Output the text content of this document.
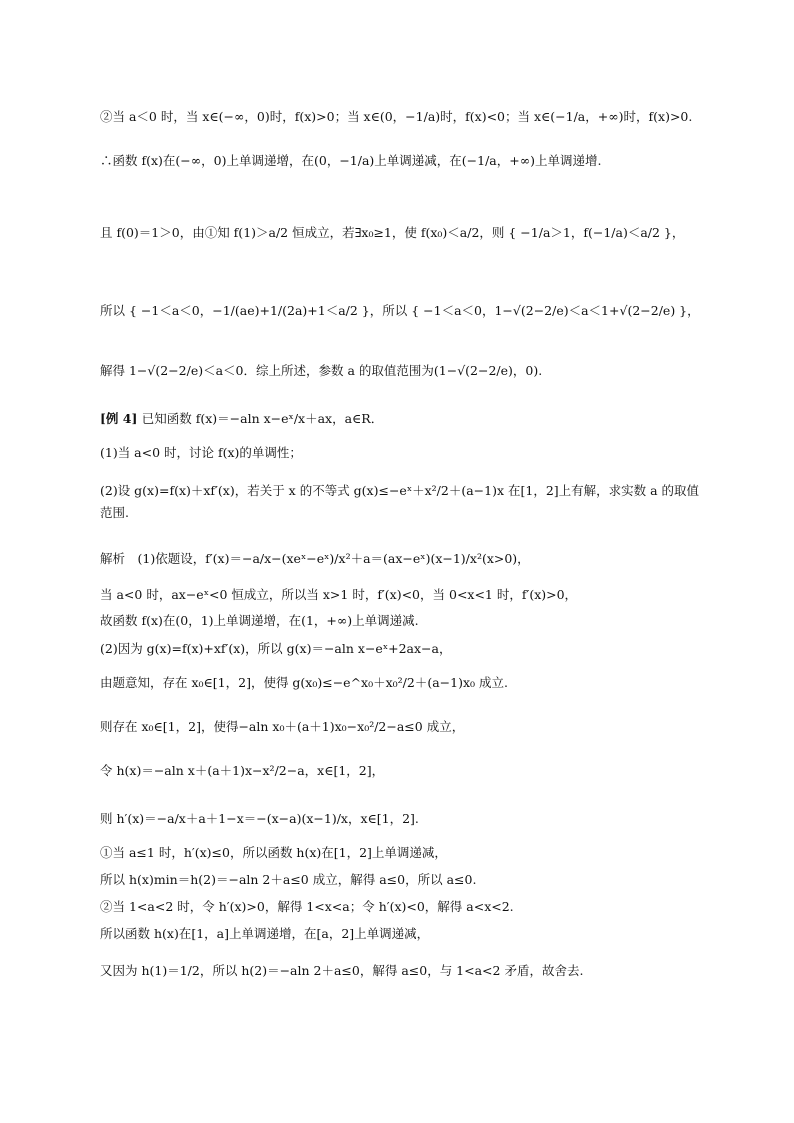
②当 a＜0 时，当 x∈(−∞，0)时，f(x)>0；当 x∈(0，−1/a)时，f(x)<0；当 x∈(−1/a，+∞)时，f(x)>0.
∴函数 f(x)在(−∞，0)上单调递增，在(0，−1/a)上单调递减，在(−1/a，+∞)上单调递增.
且 f(0)＝1＞0，由①知 f(1)＞a/2 恒成立，若∃x₀≥1，使 f(x₀)＜a/2，则 { −1/a＞1，f(−1/a)＜a/2 }，
所以 { −1＜a＜0，−1/(ae)+1/(2a)+1＜a/2 }，所以 { −1＜a＜0，1−√(2−2/e)＜a＜1+√(2−2/e) }，
解得 1−√(2−2/e)＜a＜0．综上所述，参数 a 的取值范围为(1−√(2−2/e)，0).
[例 4] 已知函数 f(x)＝−aln x−eˣ/x＋ax，a∈R．
(1)当 a<0 时，讨论 f(x)的单调性；
(2)设 g(x)=f(x)＋xf′(x)，若关于 x 的不等式 g(x)≤−eˣ＋x²/2＋(a−1)x 在[1，2]上有解，求实数 a 的取值范围.
解析　(1)依题设，f′(x)＝−a/x−(xeˣ−eˣ)/x²＋a＝(ax−eˣ)(x−1)/x²(x>0)，
当 a<0 时，ax−eˣ<0 恒成立，所以当 x>1 时，f′(x)<0，当 0<x<1 时，f′(x)>0，
故函数 f(x)在(0，1)上单调递增，在(1，+∞)上单调递减.
(2)因为 g(x)=f(x)+xf′(x)，所以 g(x)＝−aln x−eˣ+2ax−a，
由题意知，存在 x₀∈[1，2]，使得 g(x₀)≤−e^x₀＋x₀²/2＋(a−1)x₀ 成立.
则存在 x₀∈[1，2]，使得−aln x₀＋(a＋1)x₀−x₀²/2−a≤0 成立，
令 h(x)＝−aln x＋(a＋1)x−x²/2−a，x∈[1，2]，
则 h′(x)＝−a/x＋a＋1−x＝−(x−a)(x−1)/x，x∈[1，2].
①当 a≤1 时，h′(x)≤0，所以函数 h(x)在[1，2]上单调递减，
所以 h(x)min＝h(2)＝−aln 2＋a≤0 成立，解得 a≤0，所以 a≤0.
②当 1<a<2 时，令 h′(x)>0，解得 1<x<a；令 h′(x)<0，解得 a<x<2.
所以函数 h(x)在[1，a]上单调递增，在[a，2]上单调递减，
又因为 h(1)＝1/2，所以 h(2)＝−aln 2＋a≤0，解得 a≤0，与 1<a<2 矛盾，故舍去.
